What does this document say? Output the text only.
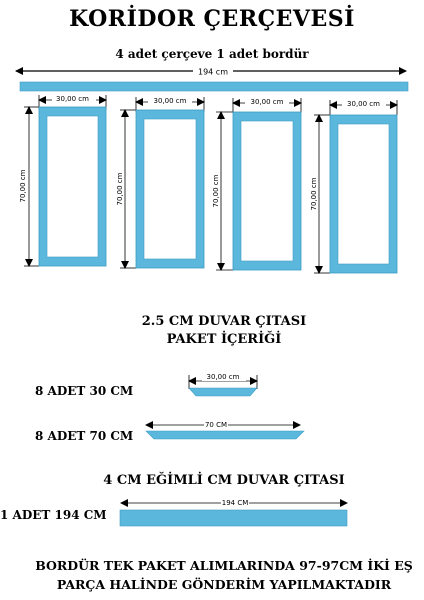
KORİDOR ÇERÇEVESİ
4 adet çerçeve 1 adet bordür
194 cm
30,00 cm
70,00 cm
30,00 cm
70,00 cm
30,00 cm
70,00 cm
30,00 cm
70,00 cm
30,00 cm
70 CM
194 CM
2.5 CM DUVAR ÇITASI
PAKET İÇERİĞİ
8 ADET 30 CM
8 ADET 70 CM
4 CM EĞİMLİ CM DUVAR ÇITASI
1 ADET 194 CM
BORDÜR TEK PAKET ALIMLARINDA 97-97CM İKİ EŞ
PARÇA HALİNDE GÖNDERİM YAPILMAKTADIR
